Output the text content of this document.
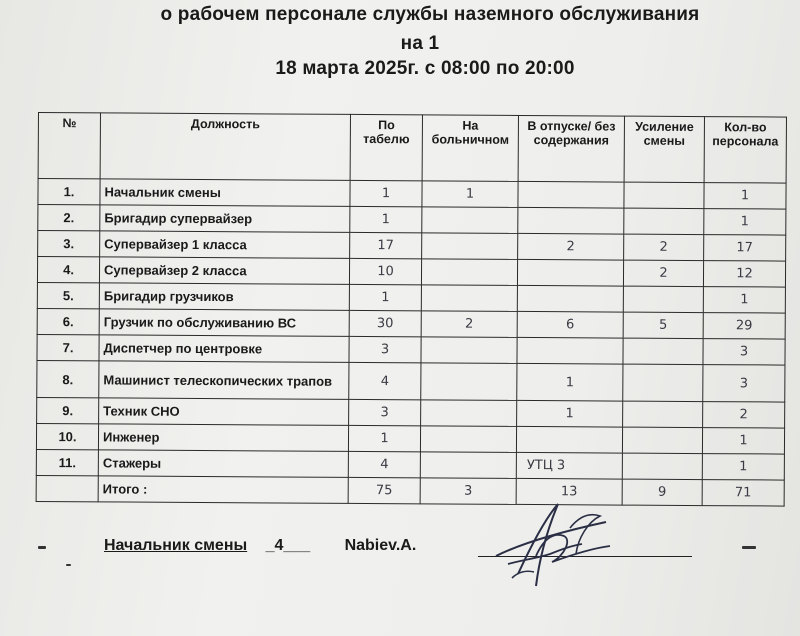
о рабочем персонале службы наземного обслуживания
на 1
18 марта 2025г. с 08:00 по 20:00
№	Должность	По табелю	На больничном	В отпуске/ без содержания	Усиление смены	Кол-во персонала
1.	Начальник смены	1	1			1
2.	Бригадир супервайзер	1				1
3.	Супервайзер 1 класса	17		2	2	17
4.	Супервайзер 2 класса	10			2	12
5.	Бригадир грузчиков	1				1
6.	Грузчик по обслуживанию ВС	30	2	6	5	29
7.	Диспетчер по центровке	3				3
8.	Машинист телескопических трапов	4		1		3
9.	Техник СНО	3		1		2
10.	Инженер	1				1
11.	Стажеры	4		УТЦ 3		1
	Итого :	75	3	13	9	71
Начальник смены _4___ Nabiev.A.
